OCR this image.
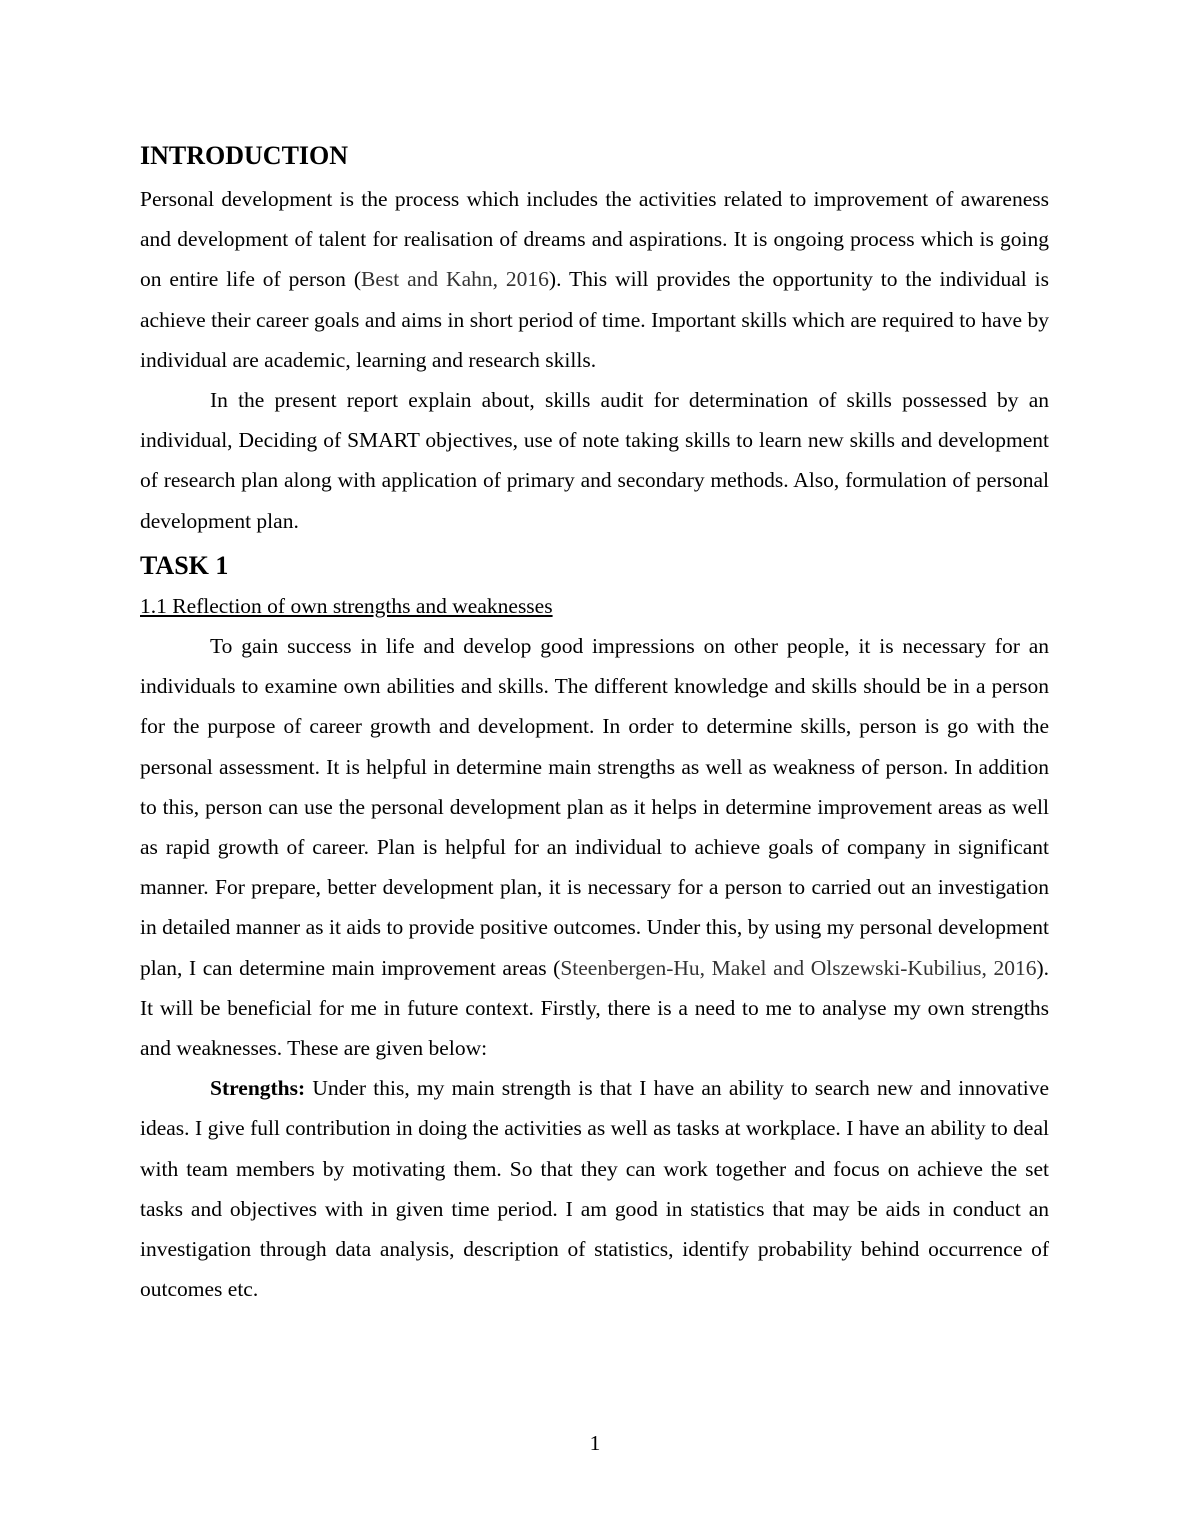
INTRODUCTION

Personal development is the process which includes the activities related to improvement of awareness and development of talent for realisation of dreams and aspirations. It is ongoing process which is going on entire life of person (Best and Kahn, 2016). This will provides the opportunity to the individual is achieve their career goals and aims in short period of time. Important skills which are required to have by individual are academic, learning and research skills.

In the present report explain about, skills audit for determination of skills possessed by an individual, Deciding of SMART objectives, use of note taking skills to learn new skills and development of research plan along with application of primary and secondary methods. Also, formulation of personal development plan.

TASK 1

1.1 Reflection of own strengths and weaknesses

To gain success in life and develop good impressions on other people, it is necessary for an individuals to examine own abilities and skills. The different knowledge and skills should be in a person for the purpose of career growth and development. In order to determine skills, person is go with the personal assessment. It is helpful in determine main strengths as well as weakness of person. In addition to this, person can use the personal development plan as it helps in determine improvement areas as well as rapid growth of career. Plan is helpful for an individual to achieve goals of company in significant manner. For prepare, better development plan, it is necessary for a person to carried out an investigation in detailed manner as it aids to provide positive outcomes. Under this, by using my personal development plan, I can determine main improvement areas (Steenbergen-Hu, Makel and Olszewski-Kubilius, 2016). It will be beneficial for me in future context. Firstly, there is a need to me to analyse my own strengths and weaknesses. These are given below:

Strengths: Under this, my main strength is that I have an ability to search new and innovative ideas. I give full contribution in doing the activities as well as tasks at workplace. I have an ability to deal with team members by motivating them. So that they can work together and focus on achieve the set tasks and objectives with in given time period. I am good in statistics that may be aids in conduct an investigation through data analysis, description of statistics, identify probability behind occurrence of outcomes etc.

1
